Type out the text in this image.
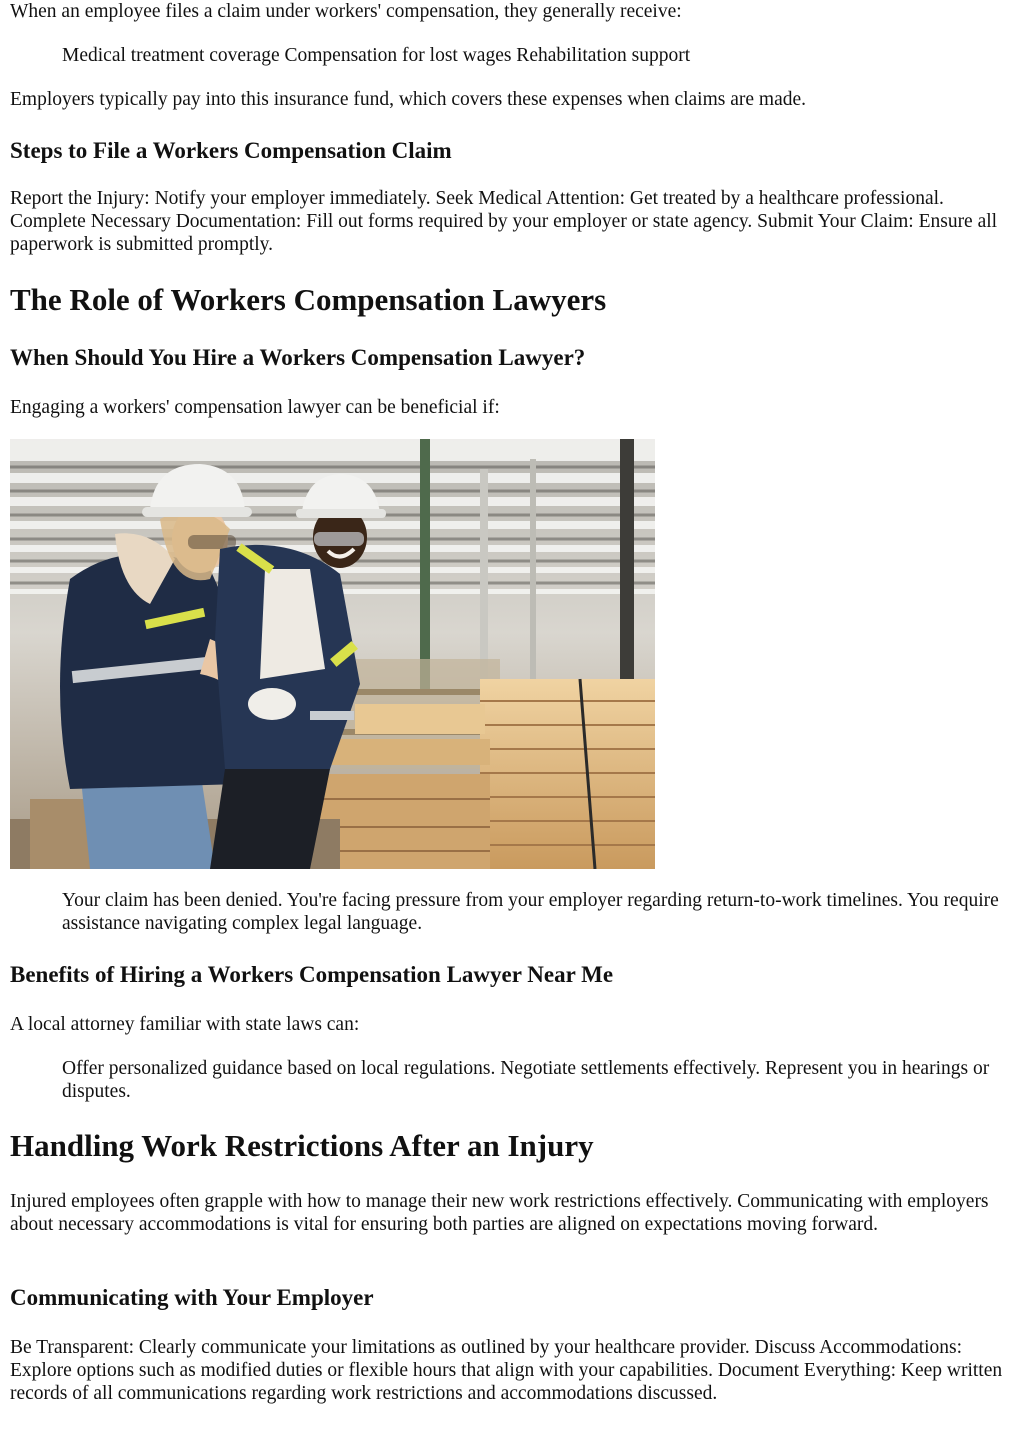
When an employee files a claim under workers' compensation, they generally receive:

Medical treatment coverage Compensation for lost wages Rehabilitation support

Employers typically pay into this insurance fund, which covers these expenses when claims are made.

Steps to File a Workers Compensation Claim

Report the Injury: Notify your employer immediately. Seek Medical Attention: Get treated by a healthcare professional. Complete Necessary Documentation: Fill out forms required by your employer or state agency. Submit Your Claim: Ensure all paperwork is submitted promptly.

The Role of Workers Compensation Lawyers
When Should You Hire a Workers Compensation Lawyer?

Engaging a workers' compensation lawyer can be beneficial if:

Your claim has been denied. You're facing pressure from your employer regarding return-to-work timelines. You require assistance navigating complex legal language.
Benefits of Hiring a Workers Compensation Lawyer Near Me

A local attorney familiar with state laws can:

Offer personalized guidance based on local regulations. Negotiate settlements effectively. Represent you in hearings or disputes.
Handling Work Restrictions After an Injury

Injured employees often grapple with how to manage their new work restrictions effectively. Communicating with employers about necessary accommodations is vital for ensuring both parties are aligned on expectations moving forward.

Communicating with Your Employer

Be Transparent: Clearly communicate your limitations as outlined by your healthcare provider. Discuss Accommodations: Explore options such as modified duties or flexible hours that align with your capabilities. Document Everything: Keep written records of all communications regarding work restrictions and accommodations discussed.
